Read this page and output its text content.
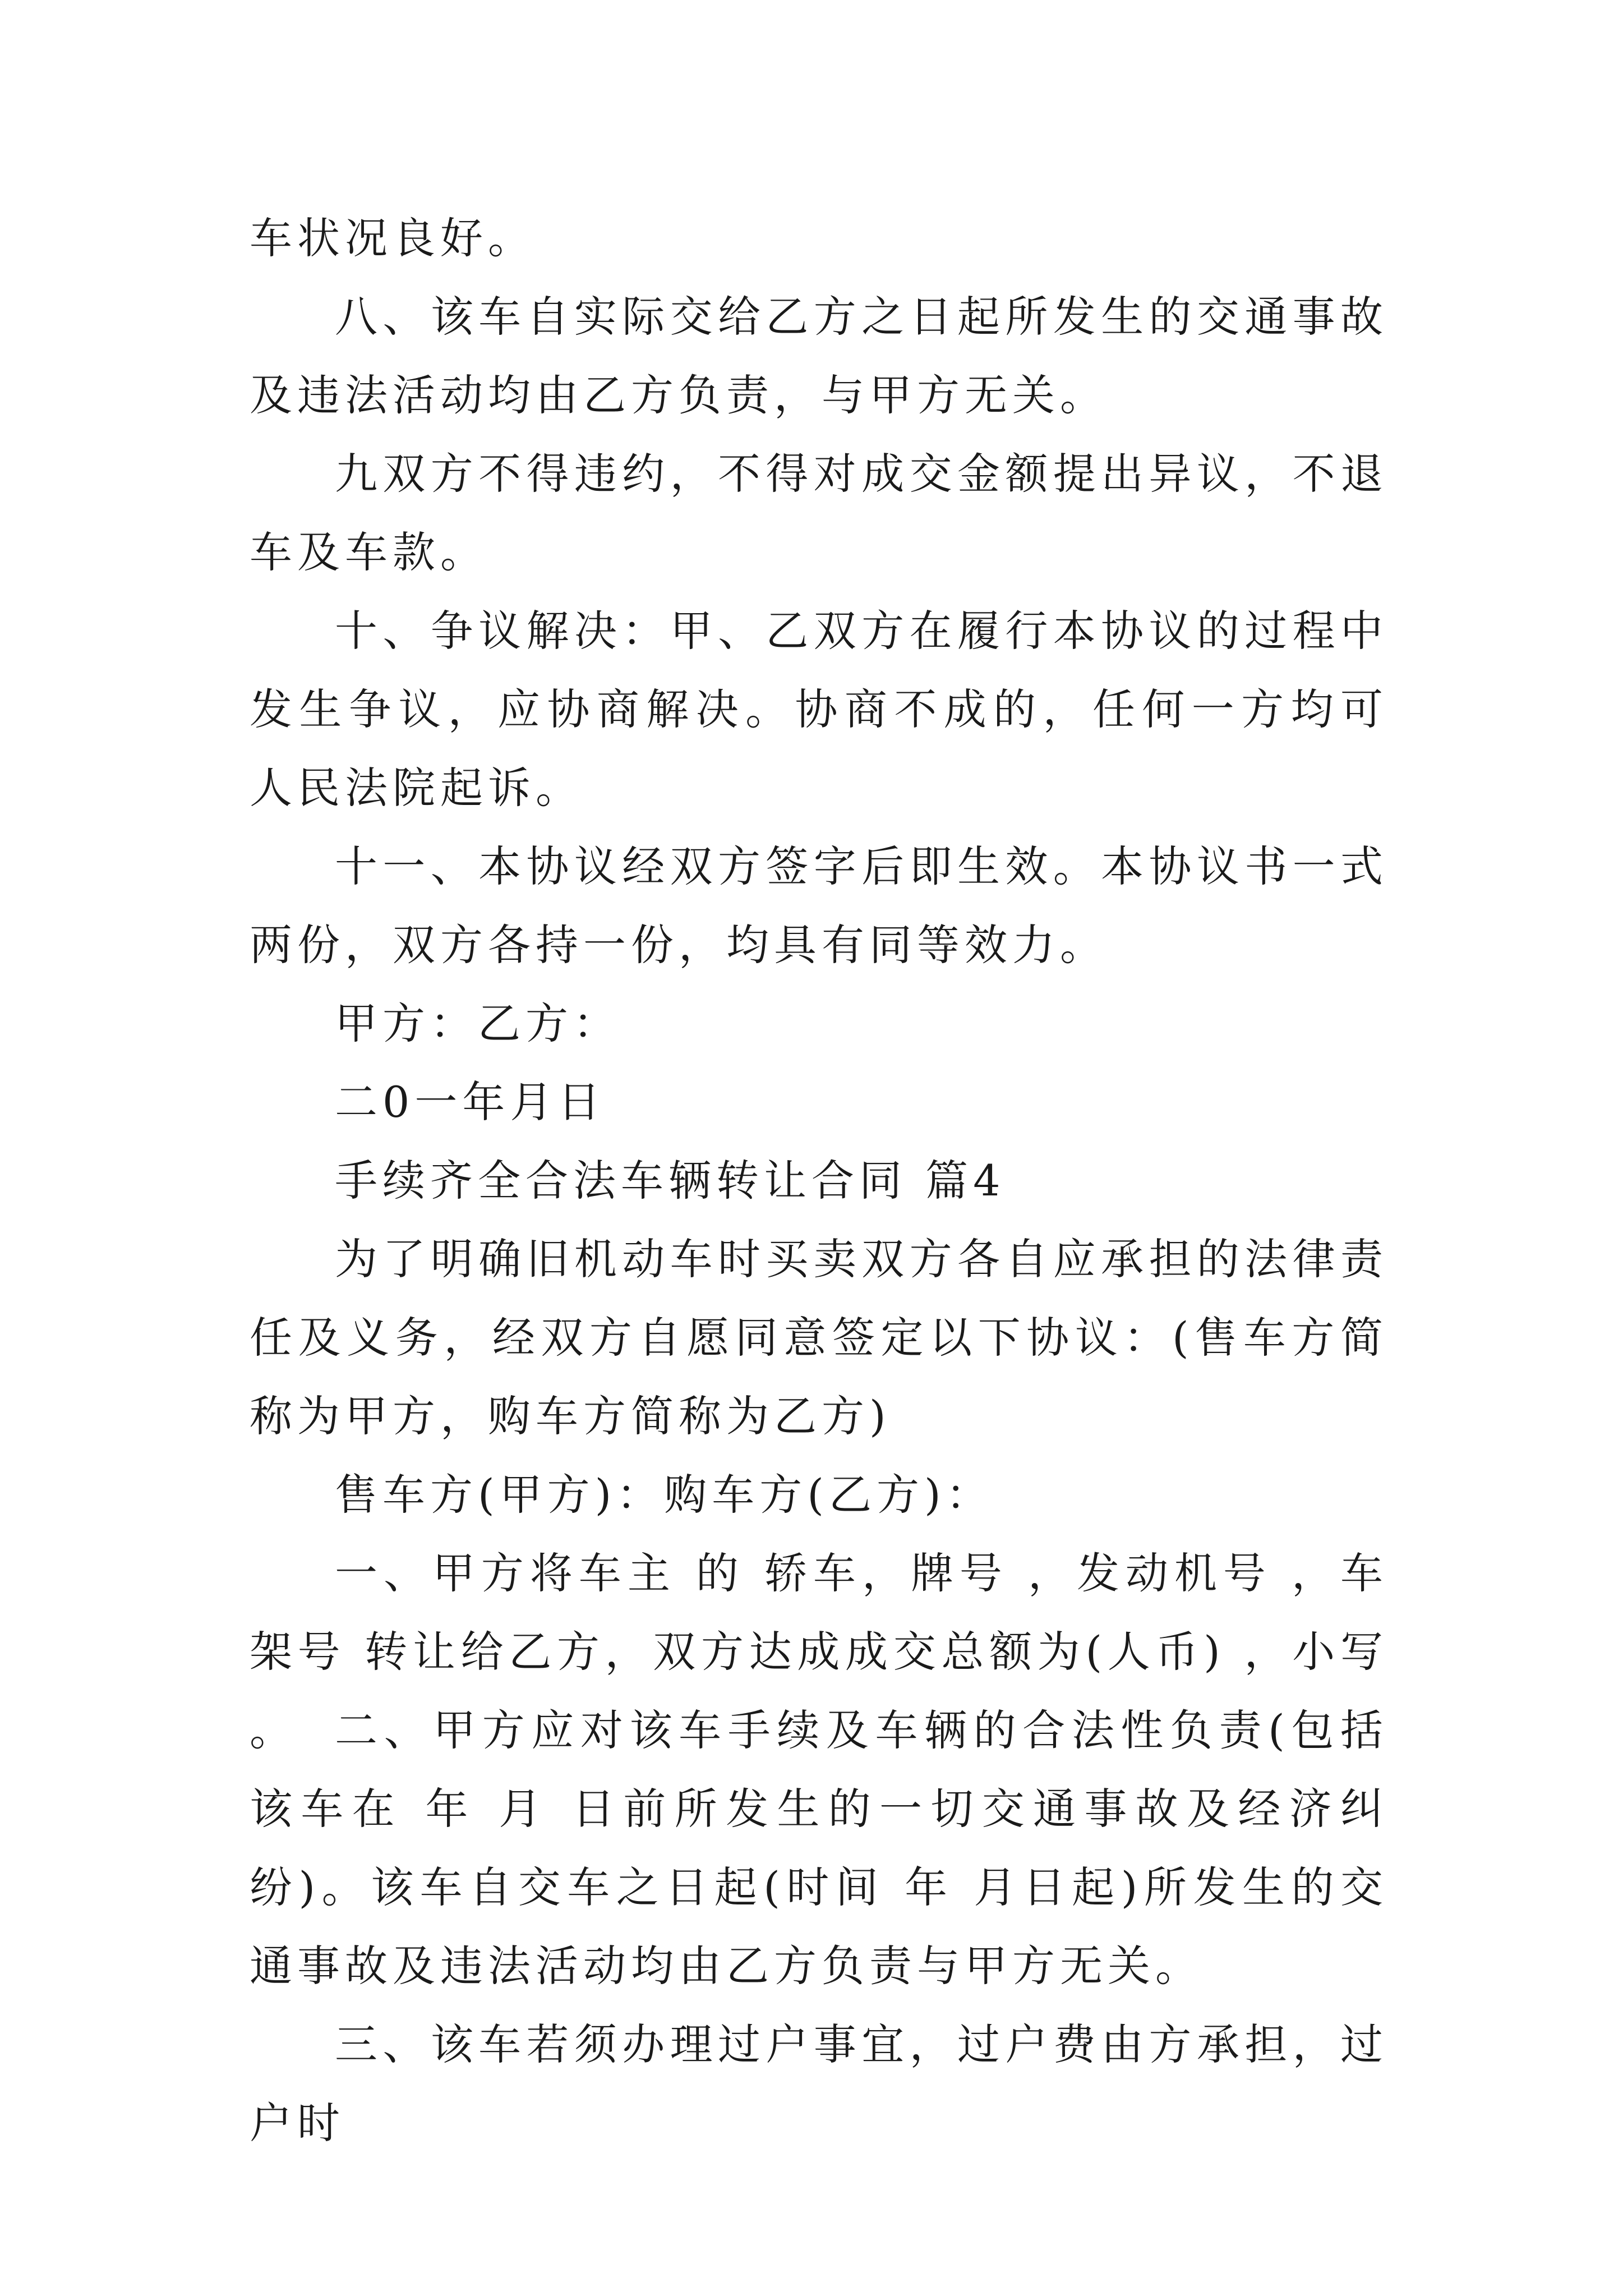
车状况良好。

八、该车自实际交给乙方之日起所发生的交通事故及违法活动均由乙方负责，与甲方无关。

九双方不得违约，不得对成交金额提出异议，不退车及车款。

十、争议解决：甲、乙双方在履行本协议的过程中发生争议，应协商解决。协商不成的，任何一方均可人民法院起诉。

十一、本协议经双方签字后即生效。本协议书一式两份，双方各持一份，均具有同等效力。

甲方：乙方：

二0一年月日

手续齐全合法车辆转让合同 篇4

为了明确旧机动车时买卖双方各自应承担的法律责任及义务，经双方自愿同意签定以下协议：(售车方简称为甲方，购车方简称为乙方)

售车方(甲方)：购车方(乙方)：

一、甲方将车主 的 轿车，牌号 ，发动机号 ，车架号 转让给乙方，双方达成成交总额为(人币) ，小写 。 二、甲方应对该车手续及车辆的合法性负责(包括该车在 年 月 日前所发生的一切交通事故及经济纠纷)。该车自交车之日起(时间 年 月日起)所发生的交通事故及违法活动均由乙方负责与甲方无关。

三、该车若须办理过户事宜，过户费由方承担，过户时
